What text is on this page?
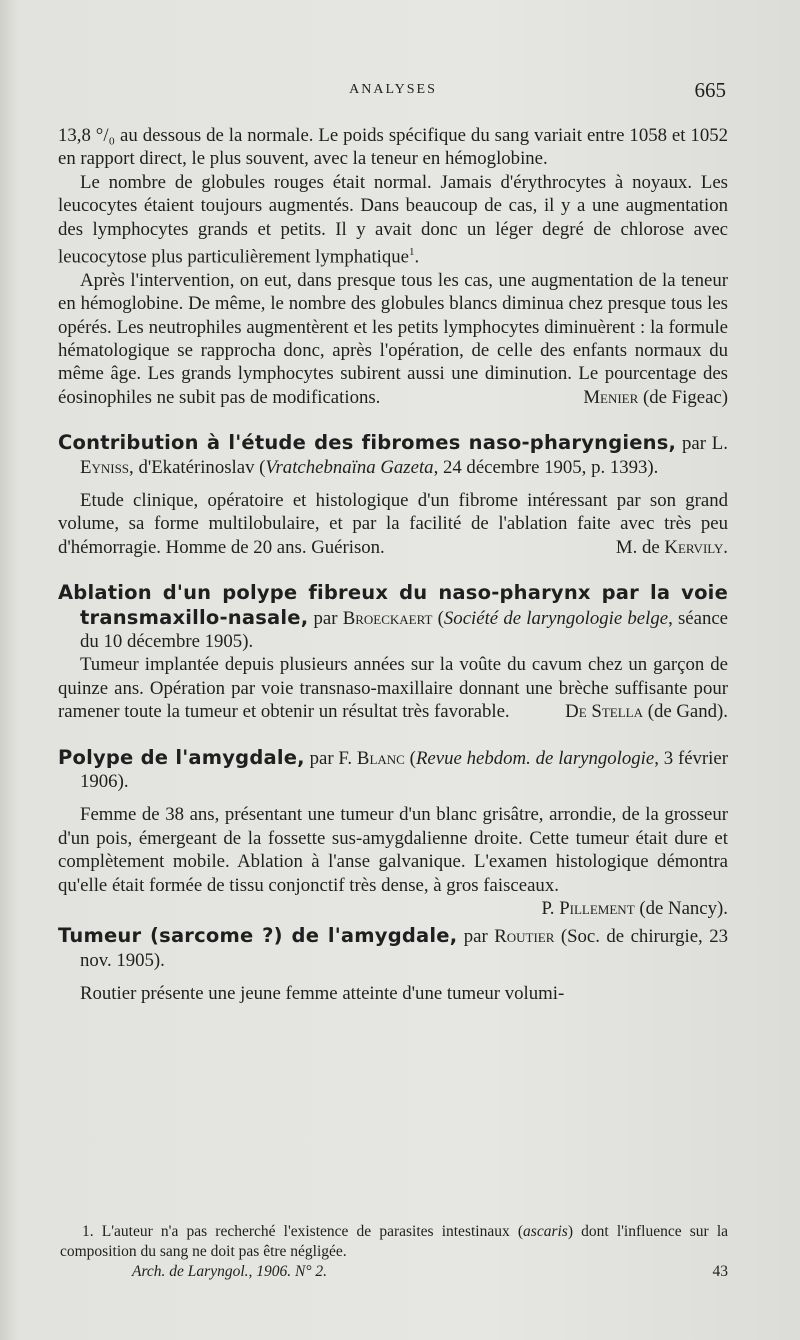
ANALYSES	665

13,8 °/₀ au dessous de la normale. Le poids spécifique du sang variait entre 1058 et 1052 en rapport direct, le plus souvent, avec la teneur en hémoglobine.

Le nombre de globules rouges était normal. Jamais d'érythrocytes à noyaux. Les leucocytes étaient toujours augmentés. Dans beaucoup de cas, il y a une augmentation des lymphocytes grands et petits. Il y avait donc un léger degré de chlorose avec leucocytose plus particulièrement lymphatique$^1$.

Après l'intervention, on eut, dans presque tous les cas, une augmentation de la teneur en hémoglobine. De même, le nombre des globules blancs diminua chez presque tous les opérés. Les neutrophiles augmentèrent et les petits lymphocytes diminuèrent : la formule hématologique se rapprocha donc, après l'opération, de celle des enfants normaux du même âge. Les grands lymphocytes subirent aussi une diminution. Le pourcentage des éosinophiles ne subit pas de modifications.	Menier (de Figeac)

Contribution à l'étude des fibromes naso-pharyngiens, par L. Eyniss, d'Ekatérinoslav (Vratchebnaïna Gazeta, 24 décembre 1905, p. 1393).

Etude clinique, opératoire et histologique d'un fibrome intéressant par son grand volume, sa forme multilobulaire, et par la facilité de l'ablation faite avec très peu d'hémorragie. Homme de 20 ans. Guérison.	M. de Kervily.

Ablation d'un polype fibreux du naso-pharynx par la voie transmaxillo-nasale, par Broeckaert (Société de laryngologie belge, séance du 10 décembre 1905).

Tumeur implantée depuis plusieurs années sur la voûte du cavum chez un garçon de quinze ans. Opération par voie transnaso-maxillaire donnant une brèche suffisante pour ramener toute la tumeur et obtenir un résultat très favorable.	De Stella (de Gand).

Polype de l'amygdale, par F. Blanc (Revue hebdom. de laryngologie, 3 février 1906).

Femme de 38 ans, présentant une tumeur d'un blanc grisâtre, arrondie, de la grosseur d'un pois, émergeant de la fossette sus-amygdalienne droite. Cette tumeur était dure et complètement mobile. Ablation à l'anse galvanique. L'examen histologique démontra qu'elle était formée de tissu conjonctif très dense, à gros faisceaux.

P. Pillement (de Nancy).

Tumeur (sarcome ?) de l'amygdale, par Routier (Soc. de chirurgie, 23 nov. 1905).

Routier présente une jeune femme atteinte d'une tumeur volumi-

1. L'auteur n'a pas recherché l'existence de parasites intestinaux (ascaris) dont l'influence sur la composition du sang ne doit pas être négligée.

Arch. de Laryngol., 1906. N° 2.	43
